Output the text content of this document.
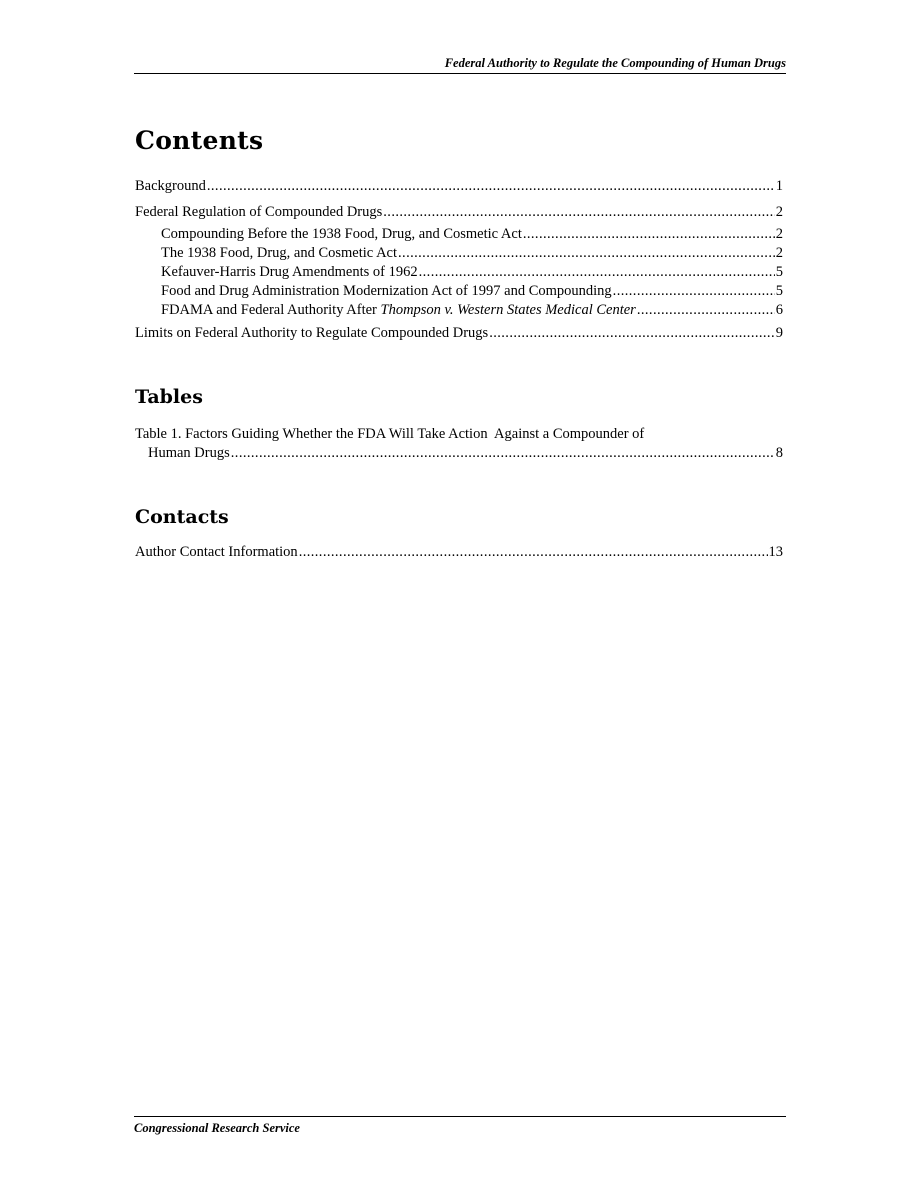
Federal Authority to Regulate the Compounding of Human Drugs
Contents
Background .....	1
Federal Regulation of Compounded Drugs .....	2
Compounding Before the 1938 Food, Drug, and Cosmetic Act .....	2
The 1938 Food, Drug, and Cosmetic Act .....	2
Kefauver-Harris Drug Amendments of 1962 .....	5
Food and Drug Administration Modernization Act of 1997 and Compounding .....	5
FDAMA and Federal Authority After Thompson v. Western States Medical Center .....	6
Limits on Federal Authority to Regulate Compounded Drugs .....	9
Tables
Table 1. Factors Guiding Whether the FDA Will Take Action  Against a Compounder of
Human Drugs .....	8
Contacts
Author Contact Information .....	13
Congressional Research Service
